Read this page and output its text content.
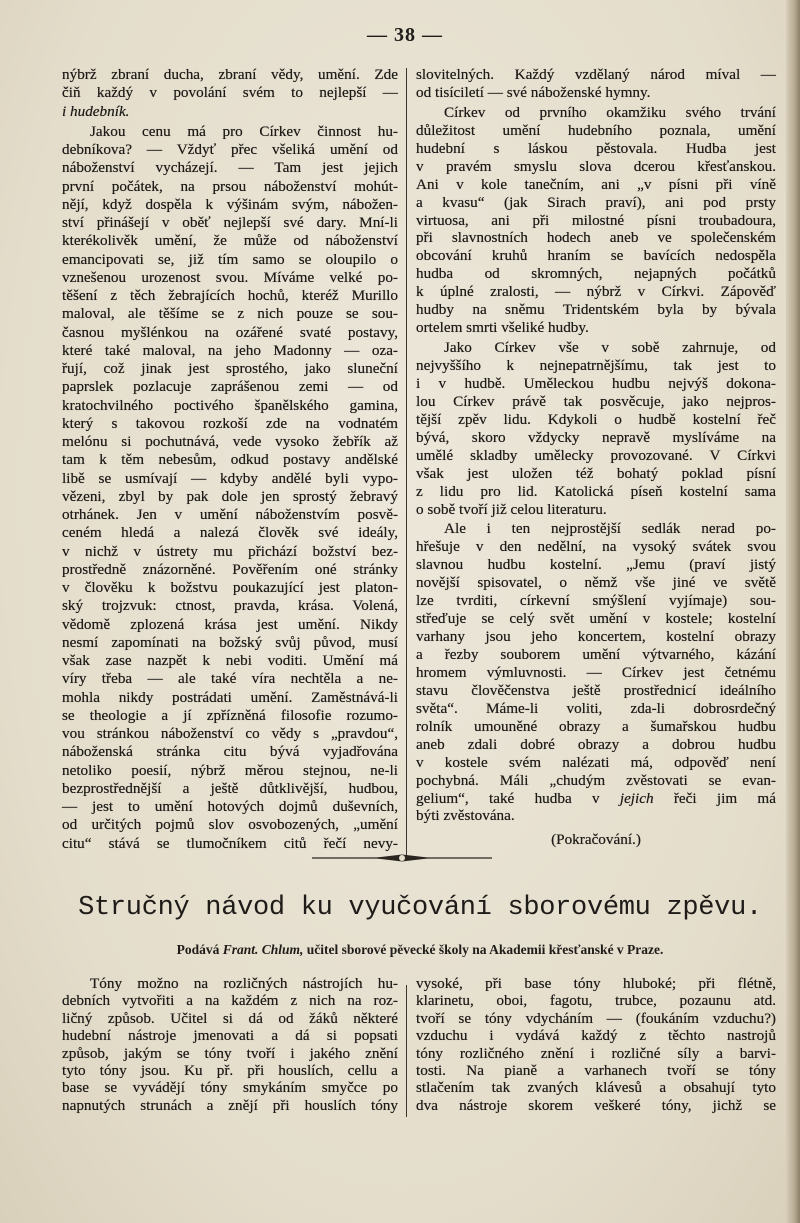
— 38 —
nýbrž zbraní ducha, zbraní vědy, umění. Zde
čiň každý v povolání svém to nejlepší —
i hudebník.
Jakou cenu má pro Církev činnost hu-
debníkova? — Vždyť přec všeliká umění od
náboženství vycházejí. — Tam jest jejich
první počátek, na prsou náboženství mohút-
nějí, když dospěla k výšinám svým, nábožen-
ství přinášejí v oběť nejlepší své dary. Mní-li
kterékolivěk umění, že může od náboženství
emancipovati se, již tím samo se oloupilo o
vznešenou urozenost svou. Míváme velké po-
těšení z těch žebrajících hochů, kteréž Murillo
maloval, ale těšíme se z nich pouze se sou-
časnou myšlénkou na ozářené svaté postavy,
které také maloval, na jeho Madonny — oza-
řují, což jinak jest sprostého, jako sluneční
paprslek pozlacuje zaprášenou zemi — od
kratochvilného poctivého španělského gamina,
který s takovou rozkoší zde na vodnatém
melónu si pochutnává, vede vysoko žebřík až
tam k těm nebesům, odkud postavy andělské
libě se usmívají — kdyby andělé byli vypo-
vězeni, zbyl by pak dole jen sprostý žebravý
otrhánek. Jen v umění náboženstvím posvě-
ceném hledá a nalezá člověk své ideály,
v nichž v ústrety mu přichází božství bez-
prostředně znázorněné. Pověřením oné stránky
v člověku k božstvu poukazující jest platon-
ský trojzvuk: ctnost, pravda, krása. Volená,
vědomě zplozená krása jest umění. Nikdy
nesmí zapomínati na božský svůj původ, musí
však zase nazpět k nebi voditi. Umění má
víry třeba — ale také víra nechtěla a ne-
mohla nikdy postrádati umění. Zaměstnává-li
se theologie a jí zpřízněná filosofie rozumo-
vou stránkou náboženství co vědy s „pravdou“,
náboženská stránka citu bývá vyjadřována
netoliko poesií, nýbrž měrou stejnou, ne-li
bezprostřednější a ještě důtklivější, hudbou,
— jest to umění hotových dojmů duševních,
od určitých pojmů slov osvobozených, „umění
citu“ stává se tlumočníkem citů řečí nevy-
slovitelných. Každý vzdělaný národ míval —
od tisíciletí — své náboženské hymny.
Církev od prvního okamžiku svého trvání
důležitost umění hudebního poznala, umění
hudební s láskou pěstovala. Hudba jest
v pravém smyslu slova dcerou křesťanskou.
Ani v kole tanečním, ani „v písni při víně
a kvasu“ (jak Sirach praví), ani pod prsty
virtuosa, ani při milostné písni troubadoura,
při slavnostních hodech aneb ve společenském
obcování kruhů hraním se bavících nedospěla
hudba od skromných, nejapných počátků
k úplné zralosti, — nýbrž v Církvi. Zápověď
hudby na sněmu Tridentském byla by bývala
ortelem smrti všeliké hudby.
Jako Církev vše v sobě zahrnuje, od
nejvyššího k nejnepatrnějšímu, tak jest to
i v hudbě. Uměleckou hudbu nejvýš dokona-
lou Církev právě tak posvěcuje, jako nejpros-
tější zpěv lidu. Kdykoli o hudbě kostelní řeč
bývá, skoro vždycky nepravě myslíváme na
umělé skladby umělecky provozované. V Církvi
však jest uložen též bohatý poklad písní
z lidu pro lid. Katolická píseň kostelní sama
o sobě tvoří již celou literaturu.
Ale i ten nejprostější sedlák nerad po-
hřešuje v den nedělní, na vysoký svátek svou
slavnou hudbu kostelní. „Jemu (praví jistý
novější spisovatel, o němž vše jiné ve světě
lze tvrditi, církevní smýšlení vyjímaje) sou-
střeďuje se celý svět umění v kostele; kostelní
varhany jsou jeho koncertem, kostelní obrazy
a řezby souborem umění výtvarného, kázání
hromem výmluvnosti. — Církev jest četnému
stavu člověčenstva ještě prostřednicí ideálního
světa“. Máme-li voliti, zda-li dobrosrdečný
rolník umouněné obrazy a šumařskou hudbu
aneb zdali dobré obrazy a dobrou hudbu
v kostele svém nalézati má, odpověď není
pochybná. Máli „chudým zvěstovati se evan-
gelium“, také hudba v jejich řeči jim má
býti zvěstována.
(Pokračování.)
Stručný návod ku vyučování sborovému zpěvu.
Podává Frant. Chlum, učitel sborové pěvecké školy na Akademii křesťanské v Praze.
Tóny možno na rozličných nástrojích hu-
debních vytvořiti a na každém z nich na roz-
ličný způsob. Učitel si dá od žáků některé
hudební nástroje jmenovati a dá si popsati
způsob, jakým se tóny tvoří i jakého znění
tyto tóny jsou. Ku př. při houslích, cellu a
base se vyvádějí tóny smykáním smyčce po
napnutých strunách a znějí při houslích tóny
vysoké, při base tóny hluboké; při flétně,
klarinetu, oboi, fagotu, trubce, pozaunu atd.
tvoří se tóny vdycháním — (foukáním vzduchu?)
vzduchu i vydává každý z těchto nastrojů
tóny rozličného znění i rozličné síly a barvi-
tosti. Na pianě a varhanech tvoří se tóny
stlačením tak zvaných klávesů a obsahují tyto
dva nástroje skorem veškeré tóny, jichž se
